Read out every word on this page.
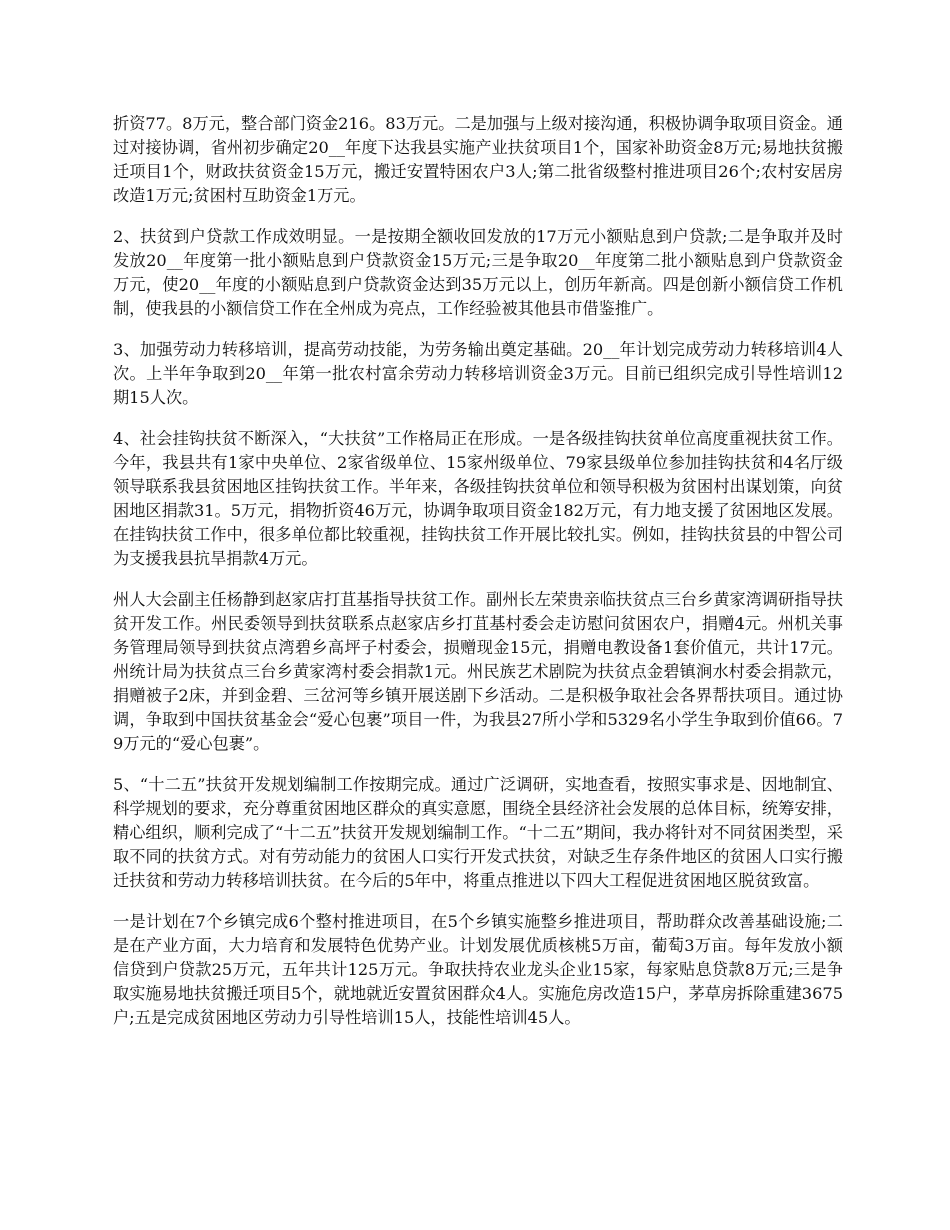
折资77。8万元，整合部门资金216。83万元。二是加强与上级对接沟通，积极协调争取项目资金。通过对接协调，省州初步确定20__年度下达我县实施产业扶贫项目1个，国家补助资金8万元;易地扶贫搬迁项目1个，财政扶贫资金15万元，搬迁安置特困农户3人;第二批省级整村推进项目26个;农村安居房改造1万元;贫困村互助资金1万元。

2、扶贫到户贷款工作成效明显。一是按期全额收回发放的17万元小额贴息到户贷款;二是争取并及时发放20__年度第一批小额贴息到户贷款资金15万元;三是争取20__年度第二批小额贴息到户贷款资金万元，使20__年度的小额贴息到户贷款资金达到35万元以上，创历年新高。四是创新小额信贷工作机制，使我县的小额信贷工作在全州成为亮点，工作经验被其他县市借鉴推广。

3、加强劳动力转移培训，提高劳动技能，为劳务输出奠定基础。20__年计划完成劳动力转移培训4人次。上半年争取到20__年第一批农村富余劳动力转移培训资金3万元。目前已组织完成引导性培训12期15人次。

4、社会挂钩扶贫不断深入，“大扶贫”工作格局正在形成。一是各级挂钩扶贫单位高度重视扶贫工作。今年，我县共有1家中央单位、2家省级单位、15家州级单位、79家县级单位参加挂钩扶贫和4名厅级领导联系我县贫困地区挂钩扶贫工作。半年来，各级挂钩扶贫单位和领导积极为贫困村出谋划策，向贫困地区捐款31。5万元，捐物折资46万元，协调争取项目资金182万元，有力地支援了贫困地区发展。在挂钩扶贫工作中，很多单位都比较重视，挂钩扶贫工作开展比较扎实。例如，挂钩扶贫县的中智公司为支援我县抗旱捐款4万元。

州人大会副主任杨静到赵家店打苴基指导扶贫工作。副州长左荣贵亲临扶贫点三台乡黄家湾调研指导扶贫开发工作。州民委领导到扶贫联系点赵家店乡打苴基村委会走访慰问贫困农户，捐赠4元。州机关事务管理局领导到扶贫点湾碧乡高坪子村委会，损赠现金15元，捐赠电教设备1套价值元，共计17元。州统计局为扶贫点三台乡黄家湾村委会捐款1元。州民族艺术剧院为扶贫点金碧镇涧水村委会捐款元，捐赠被子2床，并到金碧、三岔河等乡镇开展送剧下乡活动。二是积极争取社会各界帮扶项目。通过协调，争取到中国扶贫基金会“爱心包裹”项目一件，为我县27所小学和5329名小学生争取到价值66。79万元的“爱心包裹”。

5、“十二五”扶贫开发规划编制工作按期完成。通过广泛调研，实地查看，按照实事求是、因地制宜、科学规划的要求，充分尊重贫困地区群众的真实意愿，围绕全县经济社会发展的总体目标，统筹安排，精心组织，顺利完成了“十二五”扶贫开发规划编制工作。“十二五”期间，我办将针对不同贫困类型，采取不同的扶贫方式。对有劳动能力的贫困人口实行开发式扶贫，对缺乏生存条件地区的贫困人口实行搬迁扶贫和劳动力转移培训扶贫。在今后的5年中，将重点推进以下四大工程促进贫困地区脱贫致富。

一是计划在7个乡镇完成6个整村推进项目，在5个乡镇实施整乡推进项目，帮助群众改善基础设施;二是在产业方面，大力培育和发展特色优势产业。计划发展优质核桃5万亩，葡萄3万亩。每年发放小额信贷到户贷款25万元，五年共计125万元。争取扶持农业龙头企业15家，每家贴息贷款8万元;三是争取实施易地扶贫搬迁项目5个，就地就近安置贫困群众4人。实施危房改造15户，茅草房拆除重建3675户;五是完成贫困地区劳动力引导性培训15人，技能性培训45人。
